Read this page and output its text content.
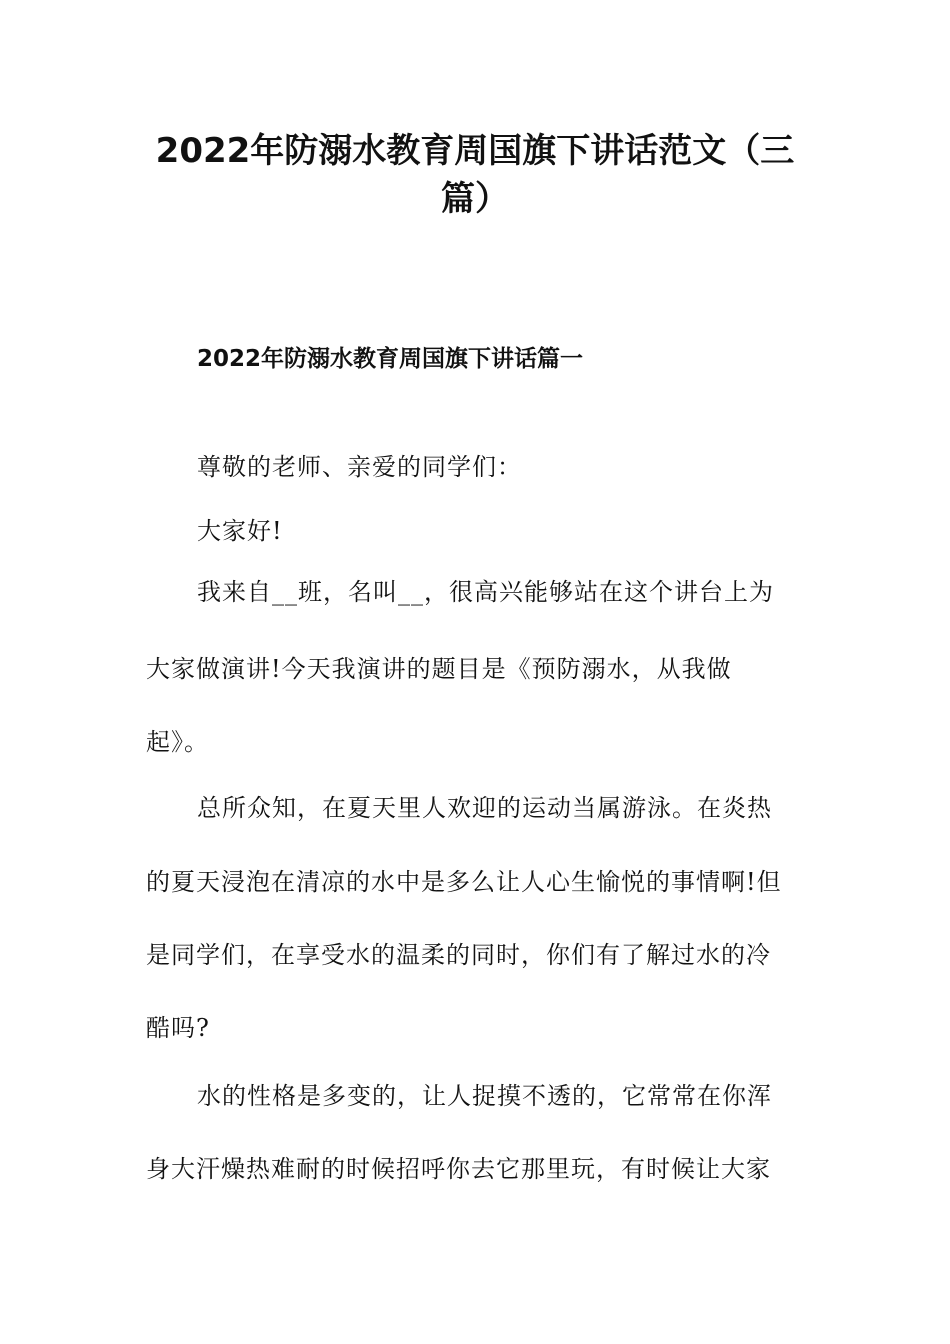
2022年防溺水教育周国旗下讲话范文（三
篇）
2022年防溺水教育周国旗下讲话篇一
尊敬的老师、亲爱的同学们：
大家好!
我来自__班，名叫__，很高兴能够站在这个讲台上为
大家做演讲!今天我演讲的题目是《预防溺水，从我做
起》。
总所众知，在夏天里人欢迎的运动当属游泳。在炎热
的夏天浸泡在清凉的水中是多么让人心生愉悦的事情啊!但
是同学们，在享受水的温柔的同时，你们有了解过水的冷
酷吗?
水的性格是多变的，让人捉摸不透的，它常常在你浑
身大汗燥热难耐的时候招呼你去它那里玩，有时候让大家
